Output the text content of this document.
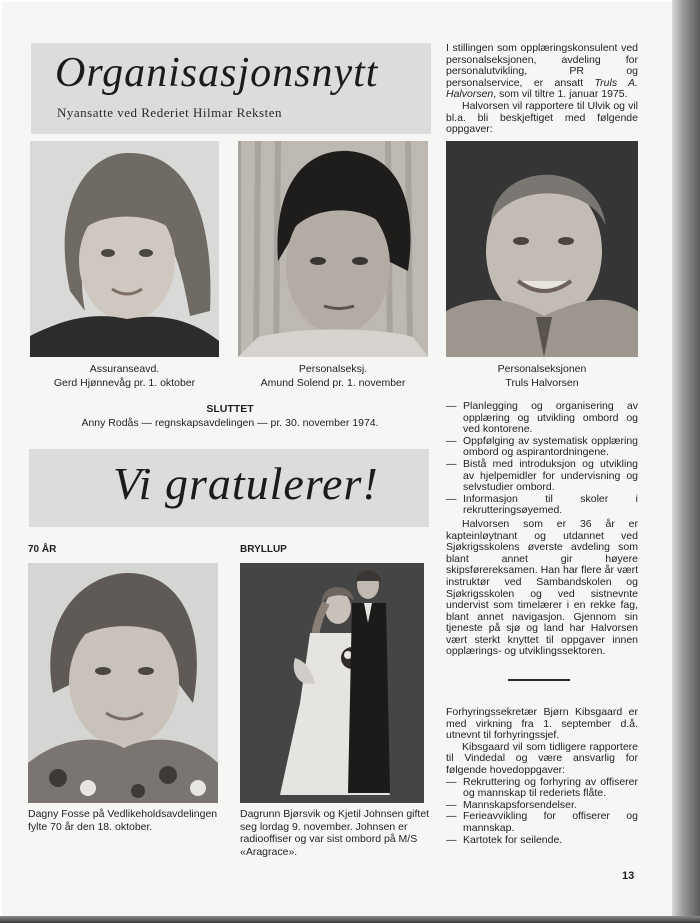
Organisasjonsnytt
Nyansatte ved Rederiet Hilmar Reksten
Assuranseavd.
Gerd Hjønnevåg pr. 1. oktober
Personalseksj.
Amund Solend pr. 1. november
Personalseksjonen
Truls Halvorsen
SLUTTET
Anny Rodås — regnskapsavdelingen — pr. 30. november 1974.
Vi gratulerer!
70 ÅR	BRYLLUP
Dagny Fosse på Vedlikeholdsavdelingen fylte 70 år den 18. oktober.
Dagrunn Bjørsvik og Kjetil Johnsen giftet seg lordag 9. november. Johnsen er radiooffiser og var sist ombord på M/S «Aragrace».

I stillingen som opplæringskonsulent ved personalseksjonen, avdeling for personalutvikling, PR og personalservice, er ansatt Truls A. Halvorsen, som vil tiltre 1. januar 1975.

Halvorsen vil rapportere til Ulvik og vil bl.a. bli beskjeftiget med følgende oppgaver:

— Planlegging og organisering av opplæring og utvikling ombord og ved kontorene.
— Oppfølging av systematisk opplæring ombord og aspirantordningene.
— Bistå med introduksjon og utvikling av hjelpemidler for undervisning og selvstudier ombord.
— Informasjon til skoler i rekrutteringsøyemed.

Halvorsen som er 36 år er kapteinløytnant og utdannet ved Sjøkrigsskolens øverste avdeling som blant annet gir høyere skipsførereksamen. Han har flere år vært instruktør ved Sambandskolen og Sjøkrigsskolen og ved sistnevnte undervist som timelærer i en rekke fag, blant annet navigasjon. Gjennom sin tjeneste på sjø og land har Halvorsen vært sterkt knyttet til oppgaver innen opplærings- og utviklingssektoren.

Forhyringssekretær Bjørn Kibsgaard er med virkning fra 1. september d.å. utnevnt til forhyringssjef.

Kibsgaard vil som tidligere rapportere til Vindedal og være ansvarlig for følgende hovedoppgaver:

— Rekruttering og forhyring av offiserer og mannskap til rederiets flåte.
— Mannskapsforsendelser.
— Ferieavvikling for offiserer og mannskap.
— Kartotek for seilende.
13
